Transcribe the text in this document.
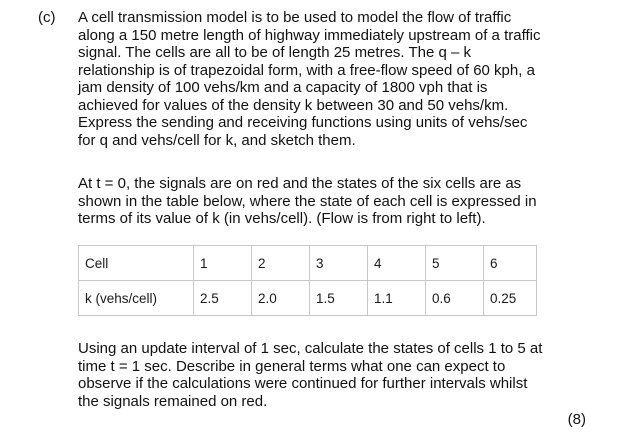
(c) A cell transmission model is to be used to model the flow of traffic
along a 150 metre length of highway immediately upstream of a traffic
signal. The cells are all to be of length 25 metres. The q – k
relationship is of trapezoidal form, with a free-flow speed of 60 kph, a
jam density of 100 vehs/km and a capacity of 1800 vph that is
achieved for values of the density k between 30 and 50 vehs/km.
Express the sending and receiving functions using units of vehs/sec
for q and vehs/cell for k, and sketch them.

At t = 0, the signals are on red and the states of the six cells are as
shown in the table below, where the state of each cell is expressed in
terms of its value of k (in vehs/cell). (Flow is from right to left).

Cell	1	2	3	4	5	6
k (vehs/cell)	2.5	2.0	1.5	1.1	0.6	0.25

Using an update interval of 1 sec, calculate the states of cells 1 to 5 at
time t = 1 sec. Describe in general terms what one can expect to
observe if the calculations were continued for further intervals whilst
the signals remained on red.

(8)
